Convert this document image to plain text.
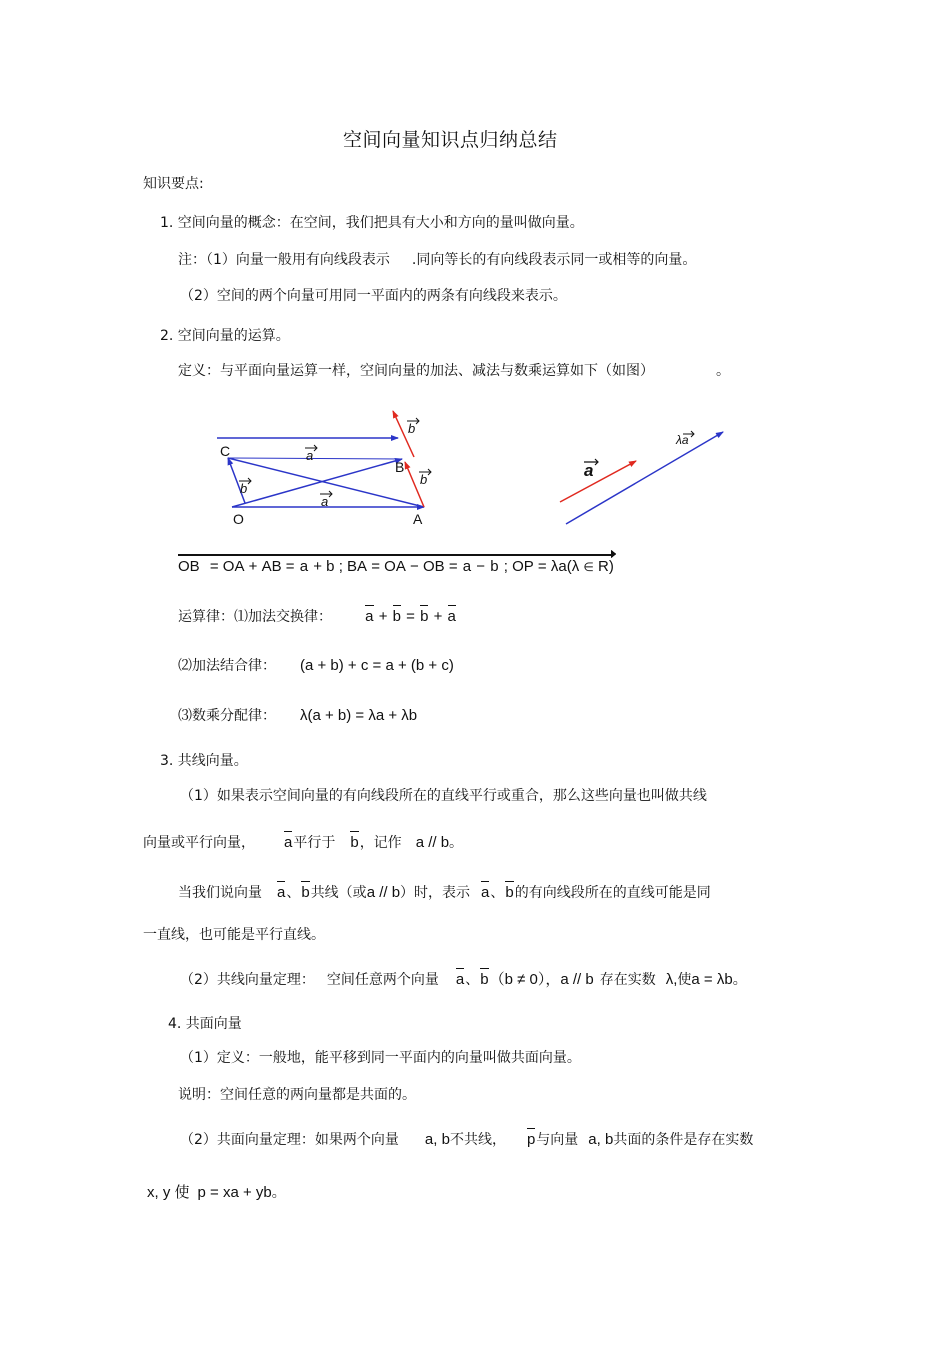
空间向量知识点归纳总结
知识要点:
1. 空间向量的概念：在空间，我们把具有大小和方向的量叫做向量。
注：（1）向量一般用有向线段表示 .同向等长的有向线段表示同一或相等的向量。
（2）空间的两个向量可用同一平面内的两条有向线段来表示。
2. 空间向量的运算。
定义：与平面向量运算一样，空间向量的加法、减法与数乘运算如下（如图）	。
C
O	A
B
a
a
b
b
b	a
λa
OB = OA + AB = a + b ; BA = OA − OB = a − b ; OP = λa(λ ∈ R)
运算律：⑴加法交换律： a + b = b + a
⑵加法结合律： (a + b) + c = a + (b + c)
⑶数乘分配律： λ(a + b) = λa + λb
3. 共线向量。
（1）如果表示空间向量的有向线段所在的直线平行或重合，那么这些向量也叫做共线
向量或平行向量， a平行于 b，记作 a // b。
当我们说向量 a、b共线（或a // b）时，表示 a、b的有向线段所在的直线可能是同
一直线，也可能是平行直线。
（2）共线向量定理： 空间任意两个向量 a、b（b ≠ 0），a // b 存在实数 λ,使a = λb。
4. 共面向量
（1）定义：一般地，能平移到同一平面内的向量叫做共面向量。
说明：空间任意的两向量都是共面的。
（2）共面向量定理：如果两个向量 a, b不共线， p与向量 a, b共面的条件是存在实数
x, y 使 p = xa + yb。
